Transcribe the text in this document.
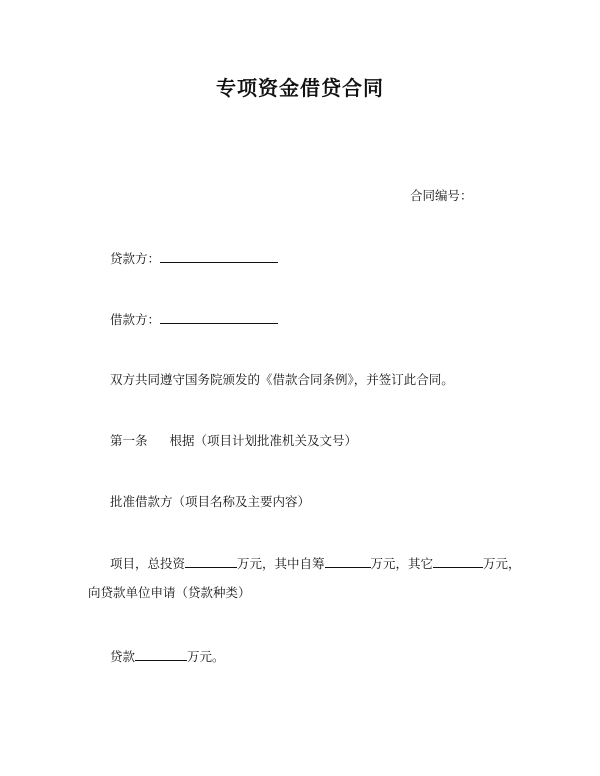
专项资金借贷合同
合同编号：
贷款方：
借款方：
双方共同遵守国务院颁发的《借款合同条例》，并签订此合同。
第一条 根据（项目计划批准机关及文号）
批准借款方（项目名称及主要内容）
项目，总投资	万元，其中自筹	万元，其它	万元，
向贷款单位申请（贷款种类）
贷款	万元。
